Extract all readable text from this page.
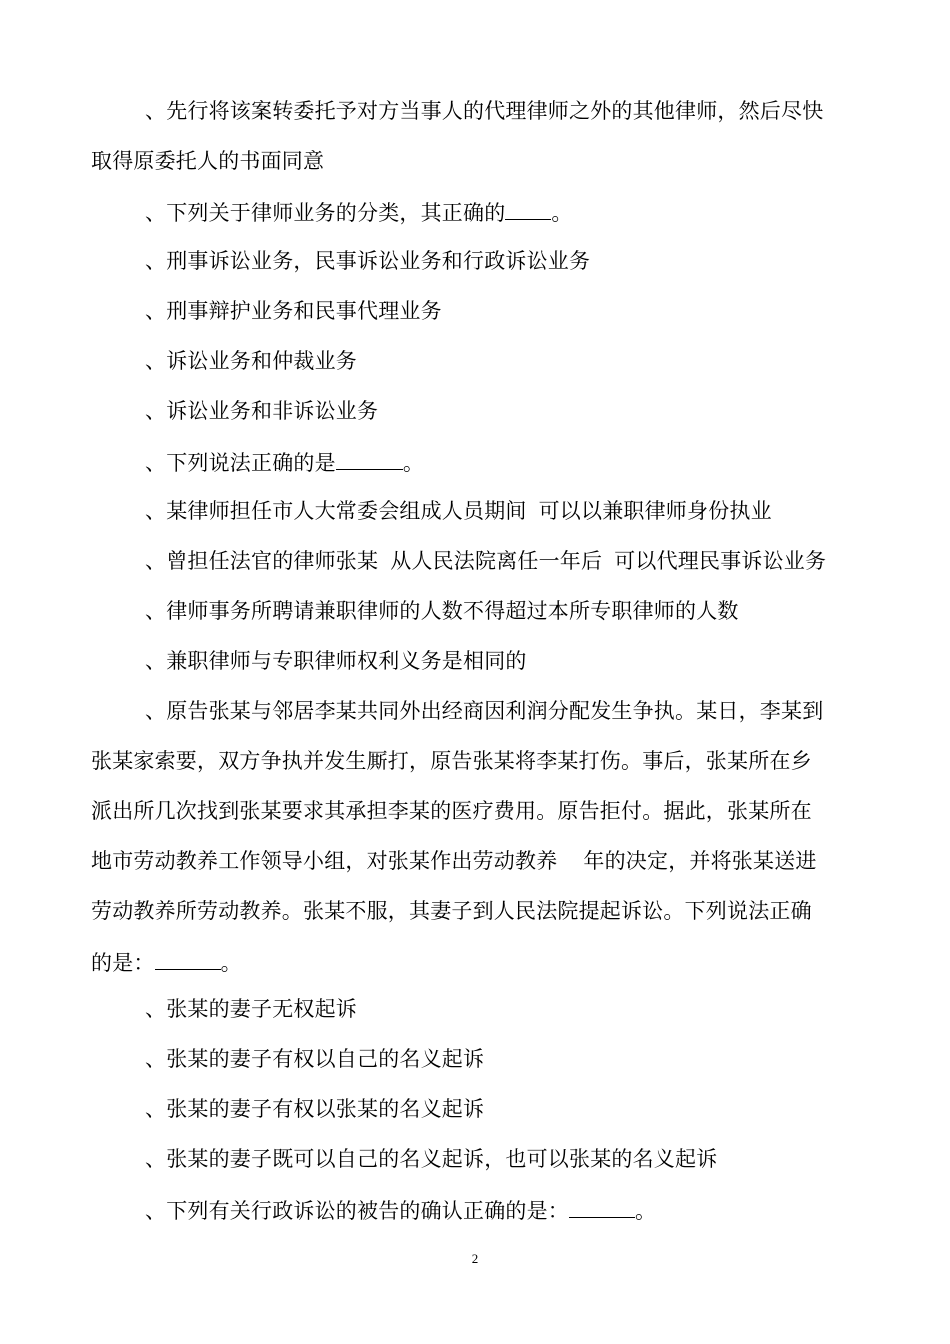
、先行将该案转委托予对方当事人的代理律师之外的其他律师，然后尽快
取得原委托人的书面同意
、下列关于律师业务的分类，其正确的 。
、刑事诉讼业务，民事诉讼业务和行政诉讼业务
、刑事辩护业务和民事代理业务
、诉讼业务和仲裁业务
、诉讼业务和非诉讼业务
、下列说法正确的是	。
、某律师担任市人大常委会组成人员期间 可以以兼职律师身份执业
、曾担任法官的律师张某 从人民法院离任一年后 可以代理民事诉讼业务
、律师事务所聘请兼职律师的人数不得超过本所专职律师的人数
、兼职律师与专职律师权利义务是相同的
、原告张某与邻居李某共同外出经商因利润分配发生争执。某日，李某到
张某家索要，双方争执并发生厮打，原告张某将李某打伤。事后，张某所在乡
派出所几次找到张某要求其承担李某的医疗费用。原告拒付。据此，张某所在
地市劳动教养工作领导小组，对张某作出劳动教养 年的决定，并将张某送进
劳动教养所劳动教养。张某不服，其妻子到人民法院提起诉讼。下列说法正确
的是：	。
、张某的妻子无权起诉
、张某的妻子有权以自己的名义起诉
、张某的妻子有权以张某的名义起诉
、张某的妻子既可以自己的名义起诉，也可以张某的名义起诉
、下列有关行政诉讼的被告的确认正确的是：	。
2
